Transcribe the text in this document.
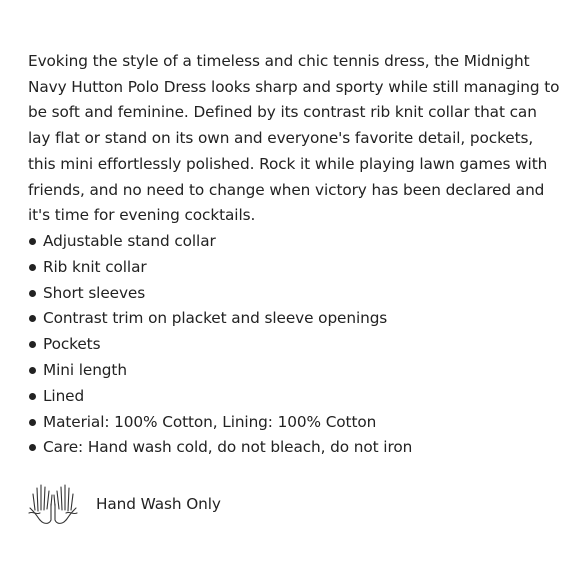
Evoking the style of a timeless and chic tennis dress, the Midnight Navy Hutton Polo Dress looks sharp and sporty while still managing to be soft and feminine. Defined by its contrast rib knit collar that can lay flat or stand on its own and everyone's favorite detail, pockets, this mini effortlessly polished. Rock it while playing lawn games with friends, and no need to change when victory has been declared and it's time for evening cocktails.

Adjustable stand collar
Rib knit collar
Short sleeves
Contrast trim on placket and sleeve openings
Pockets
Mini length
Lined
Material: 100% Cotton, Lining: 100% Cotton
Care: Hand wash cold, do not bleach, do not iron
Hand Wash Only
